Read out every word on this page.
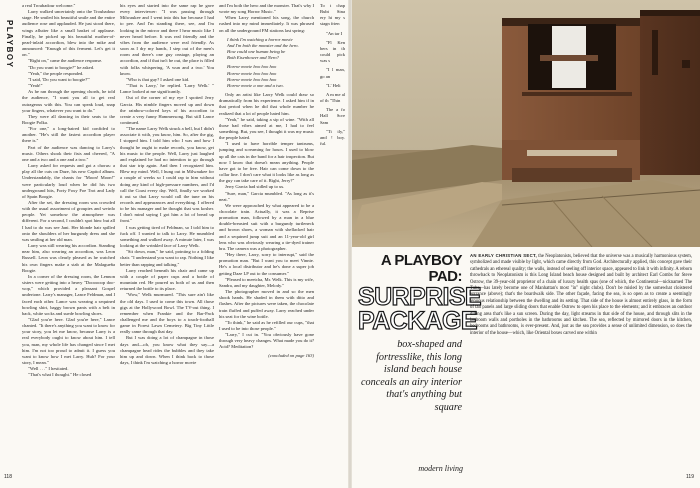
PLAYBOY

a real Troubadour welcome."

Larry walked uncertainly onto the Troubadour stage. He smiled his beautiful smile and the entire audience rose and applauded. He just stood there, wings aflutter like a small basket of applause. Finally, he picked up his beautiful mother-of-pearl-inlaid accordion, blew into the mike and announced: "Enough of this ferment. Let's get it on."

"Right on," came the audience response.

"Do you want to boogie?" he asked.

"Yeah," the people responded.

"I said, 'Do you want to boogie?'"

"Yeah!"

As he ran through the opening chords, he told the audience, "I want you all to get real outrageous with this. You can speak loud, snap your fingers, whatever you want to do."

They were all dancing in their seats to the Boogie Polka.

"For one," a long-haired kid confided to another. "He's still the fastest accordion player there is."

Part of the audience was dancing to Larry's music. Others shook their fists and cheered, "A one and a two and a one and a two."

Larry asked for requests and got a chorus: a play all the cuts on Daze, his new Capitol album. Understandably, the chants for "Moon! Moon!" were particularly loud when he did his two underground hits, Forty Foxy Foe Trot and Lady of Spain Boogie.

After the set, the dressing room was crowded with the usual assortment of groupies and weirdo people. Yet somehow the atmosphere was different. For a second, I couldn't spot him: but all I had to do was see Jani. Her blonde hair spilled onto the shoulders of her burgundy dress and she was smiling at her old man.

Larry was still wearing his accordion. Standing near him, also wearing an accordion, was Leon Russell. Leon was clearly pleased as he watched his own fingers make a stab at the Malagueña Boogie.

In a corner of the dressing room, the Lennon sisters were getting into a heavy "Doooooop doo-wop," which provided a pleasant Gospel undertone. Larry's manager, Lance Feldman, and I faced each other. Lance was wearing a sequined bowling shirt, baggy brown pants with a belt in back, white socks and suede bowling shoes.

"Glad you're here. Glad you're here," Lance chanted. "It there's anything you want to know for your story, you let me know, because Larry is a real everybody ought to know about him. I tell you, man, my whole life has changed since I met him. I'm not too proud to admit it. I guess you want to know how I met Larry. Huh? For your story, I mean."

"Well . . ." I hesitated.

"That's what I thought." He closed

his eyes and started into the same rap he gave every interviewer: "I was passing through Milwaukee and I went into this bar because I had to pee. And I'm standing there, see, and I'm looking in the mirror and there I hear music like I never heard before. It was real friendly and the vibes from the audience were real friendly. As soon as I dry my hands, I step out of the men's room and there's one guy onstage, playing an accordion, and if that isn't be out, the place is filled with folks whispering, 'A wun and a two.' You know.

"Who is that guy? I asked one kid.

"'That is Larry,' he replied. 'Larry Welk.' " Lance looked at me significantly.

Out of the corner of my eye I spotted Jerry Garcia. His nimble fingers moved up and down the rainbow-colored keys of his accordion to create a very funny Hammersong. But still Lance continued.

"The name Larry Welk struck a bell, but I didn't associate it with, you know, him. So, after the gig, I stopped him. I told him who I was and how I thought he ought to make records, you know, get his music to the people. Well, Larry just laughed and explained he had no intention to go through that star trip again. And then I recognized him. Blew my mind. Well, I hung out in Milwaukee for a couple of weeks so I could rap to him without doing any kind of high-pressure numbers, and I'd call the Coast every day. Well, finally we worked it out so that Larry would call the tune on his records and appearances and everything. I offered to be his manager and he thought that was kosher. I don't mind saying I got him a lot of bread up front."

I was getting tired of Feldman, so I told him to fuck off. I wanted to talk to Larry. He mumbled something and walked away. A minute later, I was looking at the wrinkled face of Larry Welk.

"Sit down, man," he said, pointing to a folding chair. "I understand you want to rap. Nothing I like better than rapping and talking."

Larry reached beneath his chair and came up with a couple of paper cups and a bottle of mountain red. He poured us both of us and then returned the bottle to its place.

"Wow," Welk murmured. "This sure ain't like the old days. I used to come this town. All those gigs at the Hollywood Bowl. The TV-out thing. I remember when Frankie and the Bar-Pack challenged me and the boys to a touch-football game in Forest Lawn Cemetery. Big Tiny Little really came through that day.

But I was doing a lot of champagne in those days and—oh, you know what they say—a champagne head rides the bubbles and they take him up and down. When I think back to those days, I think I'm watching a horror movie

and I'm both the hero and the monster. That's why I wrote my song Horror Music."

When Larry mentioned his song, the church rushed into my mind immediately. It was phrased on all the underground FM stations last spring:

I think I'm watching a horror movie

And I'm both the monster and the hero.

How could one human being be

Both Eisenhower and Nero?

Horror movie boo hoo hoo

Horror movie boo hoo hoo

Horror movie boo hoo hoo

Horror movie a one and a two.

Only an artist like Larry Welk could draw so dramatically from his experience. I asked him if in that period when he did that whole number he realized that a lot of people hated him.

"Yeah," he said, taking a sip of wine. "With all those bad vibes aimed at me, I had to feel something. But, you see, I thought it was my music the people hated.

"I used to have horrible temper tantrums, jumping and screaming for hours. I used to blow up all the cats in the band for a hair inspection. But now I know that doesn't mean anything. People have got to be free. Hair can come down to the collar line. I don't care what it looks like as long as the guy can take care of it. Right, Jerry?"

Jerry Garcia had sidled up to us.

"Sure, man," Garcia mumbled. "As long as it's neat."

We were approached by what appeared to be a chocolate train. Actually, it was a Reprise promotion man, followed by a man in a blue double-breasted suit with a burgundy turtleneck and brown shoes, a woman with shellacked hair and a sequined jump suit and an 11-year-old girl lens who was obviously wearing a tie-dyed trainer bra. The camera was a photographer.

"Hey there, Larry, sorry to interrupt," said the promotion man. "But I want you to meet Vinnie. He's a local distributor and he's done a super job getting Daze LP out to the consumer."

"Pleased to meetcha, Mr. Welk. This is my wife, Sandra, and my daughter, Melody."

The photographer moved in and so the men shook hands. He shaded in them with ditto and flashes. After the pictures were taken, the chocolate train fluffed and puffed away. Larry reached under his seat for the wine bottle.

"To think," he said as he refilled our cups, "that I used to be into those people."

"Larry," I cut in. "You obviously have gone through very heavy changes. What made you do it? Acid? Meditation?

(concluded on page 163)

To t chap Bubt Sina ery hi my s stagn frien

"An tar I

"Fl Ken bers in th could pick was s

"I l man, go an

"L' Heli

A m me al of th "Thin

The a fo Hall Scre Sam

"Ti ily," and ! boy. ful.

118
A PLAYBOY PAD:
SURPRISE
PACKAGE
box-shaped and fortresslike, this long island beach house conceals an airy interior that's anything but square
modern living

AN EARLY CHRISTIAN SECT, the Neoplatonists, believed that the universe was a musically harmonious system, symbolized and made visible by light, which came directly from God. Architecturally applied, this concept gave their cathedrals an ethereal quality; the walls, instead of seeling off interior space, appeared to link it with infinity. A reborn throwback to Neoplatonism is this Long Island beach house designed and built by architect Earl Combs for Steve Ostrow, the 39-year-old proprietor of a chain of luxury health spas (one of which, the Continental—nicknamed The Tubs—has lately become one of Manhattan's most "in" night clubs). Don't be misled by the somewhat cloistered entrance (above); that's the boardwalk side. The other façade, facing the sea, is so open as to create a seemingly tenuous relationship between the dwelling and its setting. That side of the house is almost entirely glass, in the form of tall panels and large sliding doors that enable Ostrow to open his place to the elements; and it embraces an outdoor dining area that's like a sun screen. During the day, light streams in that side of the house, and through slits in the bedroom walls and portholes in the bathrooms and kitchen. The sea, reflected by mirrored doors in the kitchen, bedrooms and bathrooms, is ever-present. And, just as the sea provides a sense of unlimited dimension, so does the interior of the house—which, like Oriental boxes carved one within

119
